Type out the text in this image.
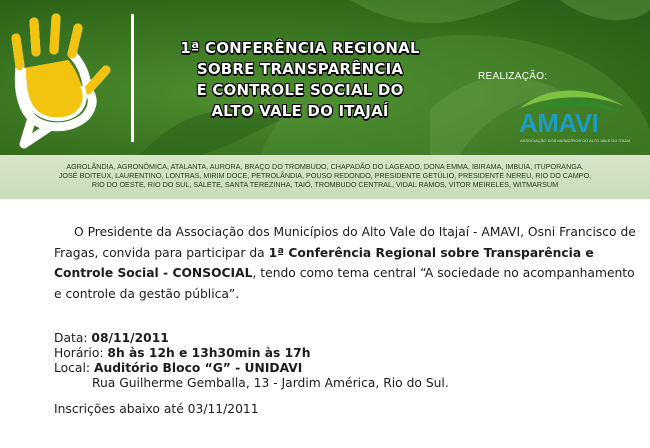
1ª CONFERÊNCIA REGIONAL
SOBRE TRANSPARÊNCIA
E CONTROLE SOCIAL DO
ALTO VALE DO ITAJAÍ
REALIZAÇÃO:
AMAVI
ASSOCIAÇÃO DOS MUNICÍPIOS DO ALTO VALE DO ITAJAÍ
AGROLÂNDIA, AGRONÔMICA, ATALANTA, AURORA, BRAÇO DO TROMBUDO, CHAPADÃO DO LAGEADO, DONA EMMA, IBIRAMA, IMBUIA, ITUPORANGA,
JOSÉ BOITEUX, LAURENTINO, LONTRAS, MIRIM DOCE, PETROLÂNDIA, POUSO REDONDO, PRESIDENTE GETÚLIO, PRESIDENTE NEREU, RIO DO CAMPO,
RIO DO OESTE, RIO DO SUL, SALETE, SANTA TEREZINHA, TAIÓ, TROMBUDO CENTRAL, VIDAL RAMOS, VITOR MEIRELES, WITMARSUM
O Presidente da Associação dos Municípios do Alto Vale do Itajaí - AMAVI, Osni Francisco de Fragas, convida para participar da 1ª Conferência Regional sobre Transparência e Controle Social - CONSOCIAL, tendo como tema central “A sociedade no acompanhamento e controle da gestão pública”.
Data: 08/11/2011
Horário: 8h às 12h e 13h30min às 17h
Local: Auditório Bloco “G” - UNIDAVI
Rua Guilherme Gemballa, 13 - Jardim América, Rio do Sul.
Inscrições abaixo até 03/11/2011
